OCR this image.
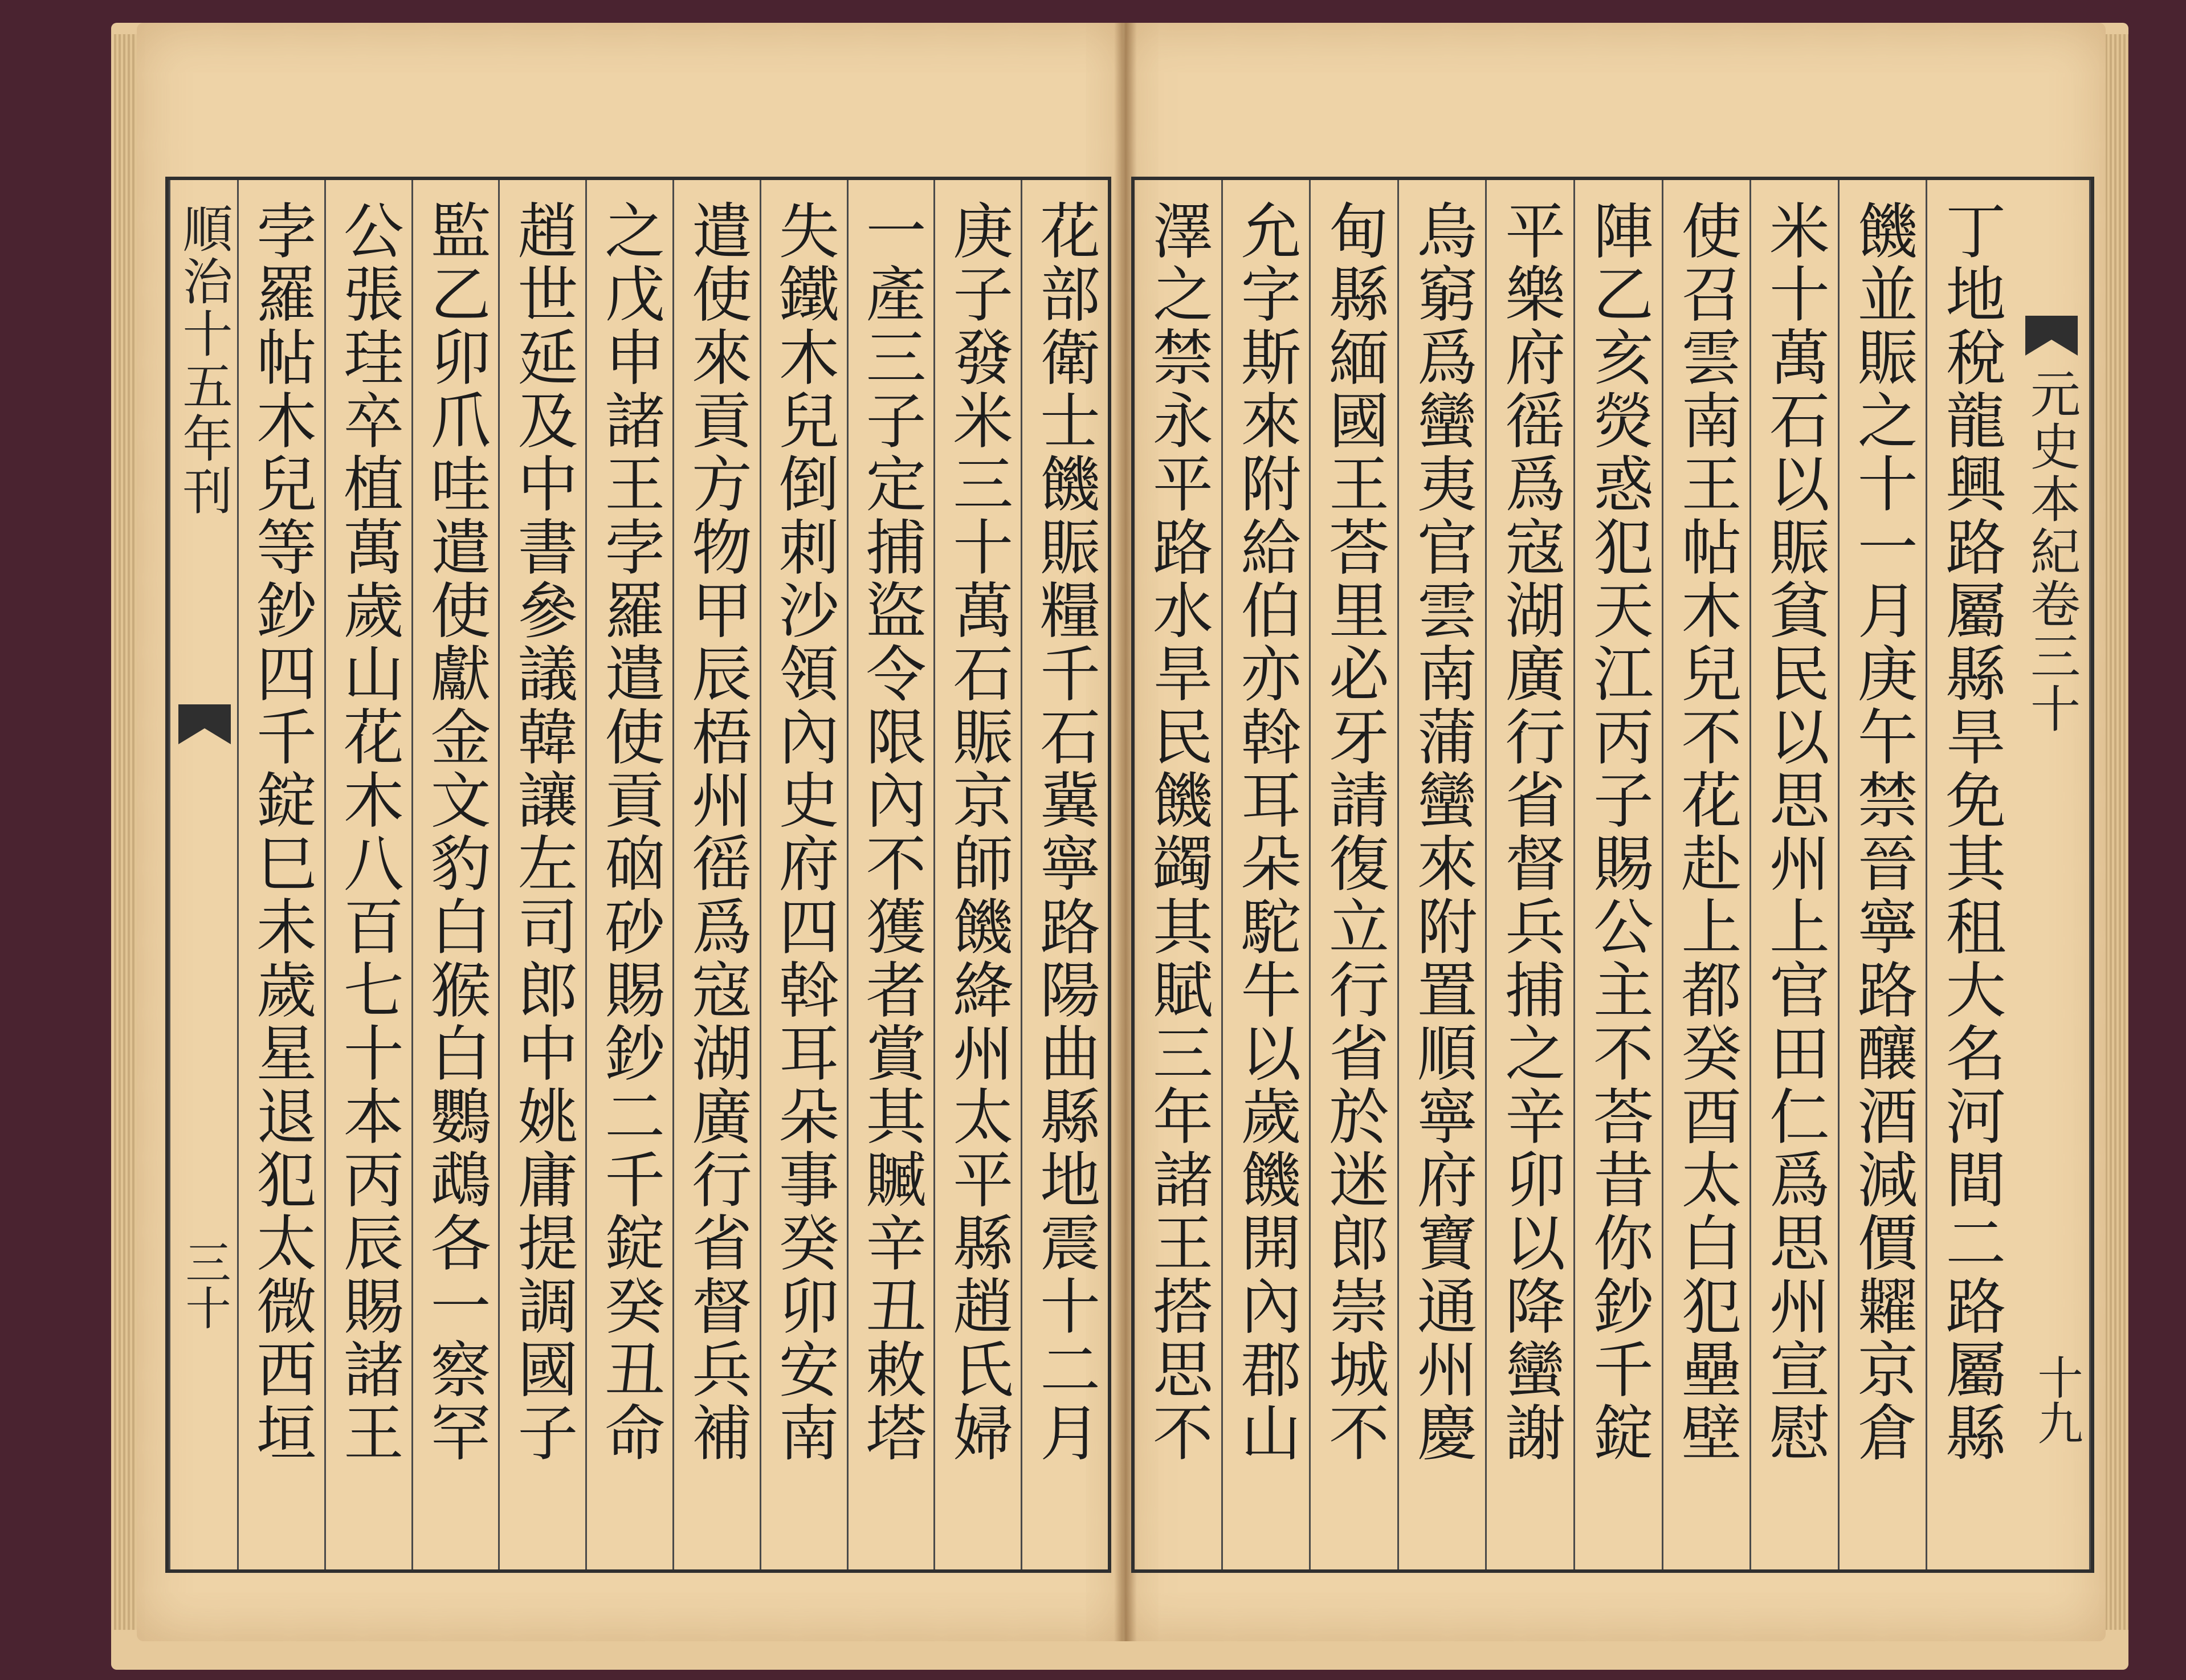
花部衛士饑賑糧千石冀寧路陽曲縣地震十二月
庚子發米三十萬石賑京師饑絳州太平縣趙氏婦
一產三子定捕盜令限內不獲者賞其贓辛丑敕塔
失鐵木兒倒刺沙領內史府四斡耳朵事癸卯安南
遣使來貢方物甲辰梧州徭爲寇湖廣行省督兵補
之戊申諸王孛羅遣使貢硇砂賜鈔二千錠癸丑命
趙世延及中書參議韓讓左司郎中姚庸提調國子
監乙卯爪哇遣使獻金文豹白猴白鸚鵡各一察罕
公張珪卒植萬歲山花木八百七十本丙辰賜諸王
孛羅帖木兒等鈔四千錠巳未歲星退犯太微西垣
順治十五年刊
三十
元史本紀卷三十
十九
丁地稅龍興路屬縣旱免其租大名河間二路屬縣
饑並賑之十一月庚午禁晉寧路釀酒減價糶京倉
米十萬石以賑貧民以思州上官田仁爲思州宣慰
使召雲南王帖木兒不花赴上都癸酉太白犯壘壁
陣乙亥熒惑犯天江丙子賜公主不荅昔你鈔千錠
平樂府徭爲寇湖廣行省督兵捕之辛卯以降蠻謝
烏窮爲蠻夷官雲南蒲蠻來附置順寧府寶通州慶
甸縣緬國王荅里必牙請復立行省於迷郎崇城不
允字斯來附給伯亦斡耳朵駝牛以歲饑開內郡山
澤之禁永平路水旱民饑蠲其賦三年諸王搭思不
